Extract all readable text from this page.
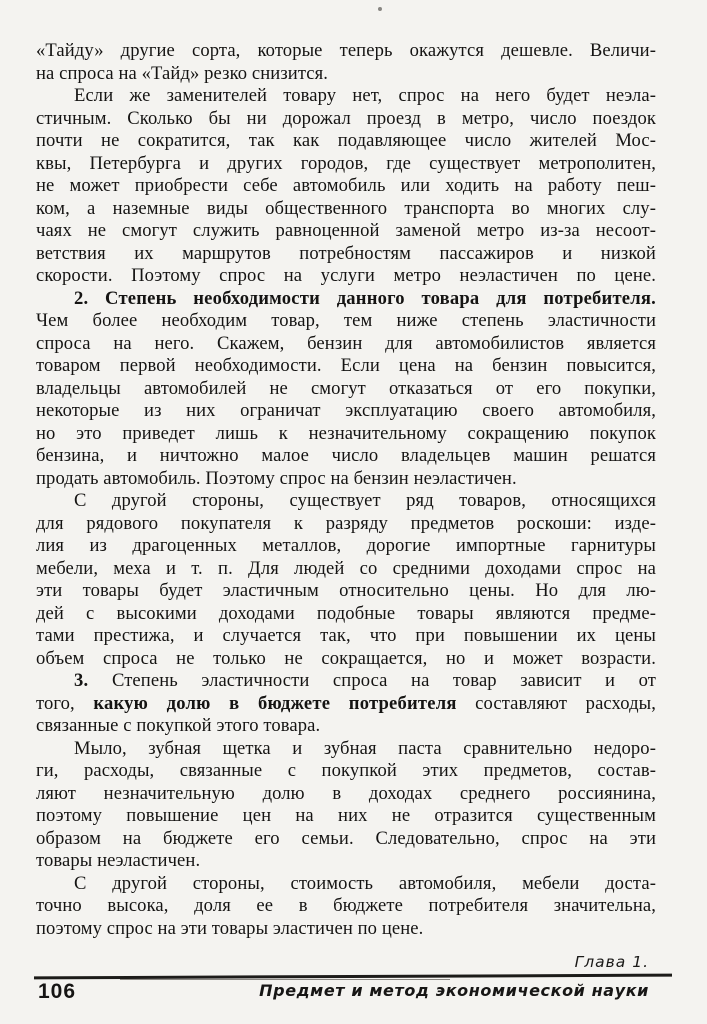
«Тайду» другие сорта, которые теперь окажутся дешевле. Величи-
на спроса на «Тайд» резко снизится.
Если же заменителей товару нет, спрос на него будет неэла-
стичным. Сколько бы ни дорожал проезд в метро, число поездок
почти не сократится, так как подавляющее число жителей Мос-
квы, Петербурга и других городов, где существует метрополитен,
не может приобрести себе автомобиль или ходить на работу пеш-
ком, а наземные виды общественного транспорта во многих слу-
чаях не смогут служить равноценной заменой метро из-за несоот-
ветствия их маршрутов потребностям пассажиров и низкой
скорости. Поэтому спрос на услуги метро неэластичен по цене.
2. Степень необходимости данного товара для потребителя.
Чем более необходим товар, тем ниже степень эластичности
спроса на него. Скажем, бензин для автомобилистов является
товаром первой необходимости. Если цена на бензин повысится,
владельцы автомобилей не смогут отказаться от его покупки,
некоторые из них ограничат эксплуатацию своего автомобиля,
но это приведет лишь к незначительному сокращению покупок
бензина, и ничтожно малое число владельцев машин решатся
продать автомобиль. Поэтому спрос на бензин неэластичен.
С другой стороны, существует ряд товаров, относящихся
для рядового покупателя к разряду предметов роскоши: изде-
лия из драгоценных металлов, дорогие импортные гарнитуры
мебели, меха и т. п. Для людей со средними доходами спрос на
эти товары будет эластичным относительно цены. Но для лю-
дей с высокими доходами подобные товары являются предме-
тами престижа, и случается так, что при повышении их цены
объем спроса не только не сокращается, но и может возрасти.
3. Степень эластичности спроса на товар зависит и от
того, какую долю в бюджете потребителя составляют расходы,
связанные с покупкой этого товара.
Мыло, зубная щетка и зубная паста сравнительно недоро-
ги, расходы, связанные с покупкой этих предметов, состав-
ляют незначительную долю в доходах среднего россиянина,
поэтому повышение цен на них не отразится существенным
образом на бюджете его семьи. Следовательно, спрос на эти
товары неэластичен.
С другой стороны, стоимость автомобиля, мебели доста-
точно высока, доля ее в бюджете потребителя значительна,
поэтому спрос на эти товары эластичен по цене.
Глава 1.
106	Предмет и метод экономической науки
